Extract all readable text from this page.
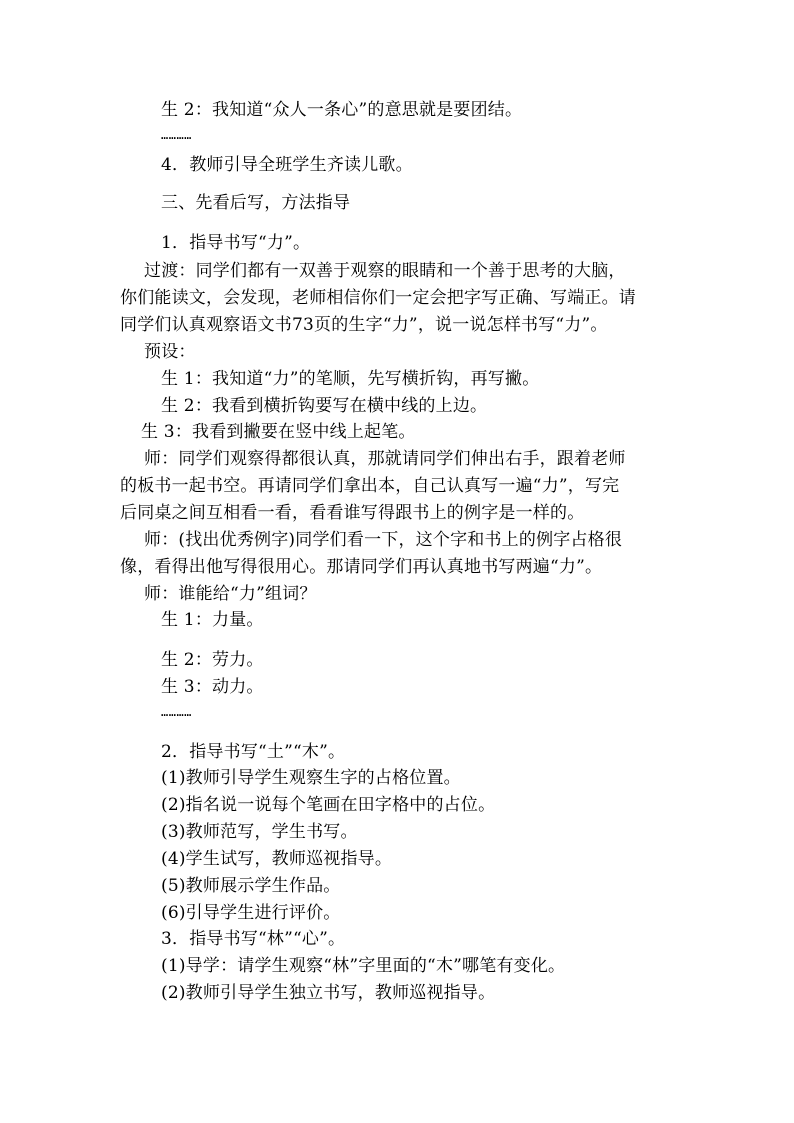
生 2：我知道“众人一条心”的意思就是要团结。
…………
4．教师引导全班学生齐读儿歌。
三、先看后写，方法指导
1．指导书写“力”。
过渡：同学们都有一双善于观察的眼睛和一个善于思考的大脑，
你们能读文，会发现，老师相信你们一定会把字写正确、写端正。请
同学们认真观察语文书73页的生字“力”，说一说怎样书写“力”。
预设：
生 1：我知道“力”的笔顺，先写横折钩，再写撇。
生 2：我看到横折钩要写在横中线的上边。
生 3：我看到撇要在竖中线上起笔。
师：同学们观察得都很认真，那就请同学们伸出右手，跟着老师
的板书一起书空。再请同学们拿出本，自己认真写一遍“力”，写完
后同桌之间互相看一看，看看谁写得跟书上的例字是一样的。
师：(找出优秀例字)同学们看一下，这个字和书上的例字占格很
像，看得出他写得很用心。那请同学们再认真地书写两遍“力”。
师：谁能给“力”组词？
生 1：力量。
生 2：劳力。
生 3：动力。
…………
2．指导书写“土”“木”。
(1)教师引导学生观察生字的占格位置。
(2)指名说一说每个笔画在田字格中的占位。
(3)教师范写，学生书写。
(4)学生试写，教师巡视指导。
(5)教师展示学生作品。
(6)引导学生进行评价。
3．指导书写“林”“心”。
(1)导学：请学生观察“林”字里面的“木”哪笔有变化。
(2)教师引导学生独立书写，教师巡视指导。
